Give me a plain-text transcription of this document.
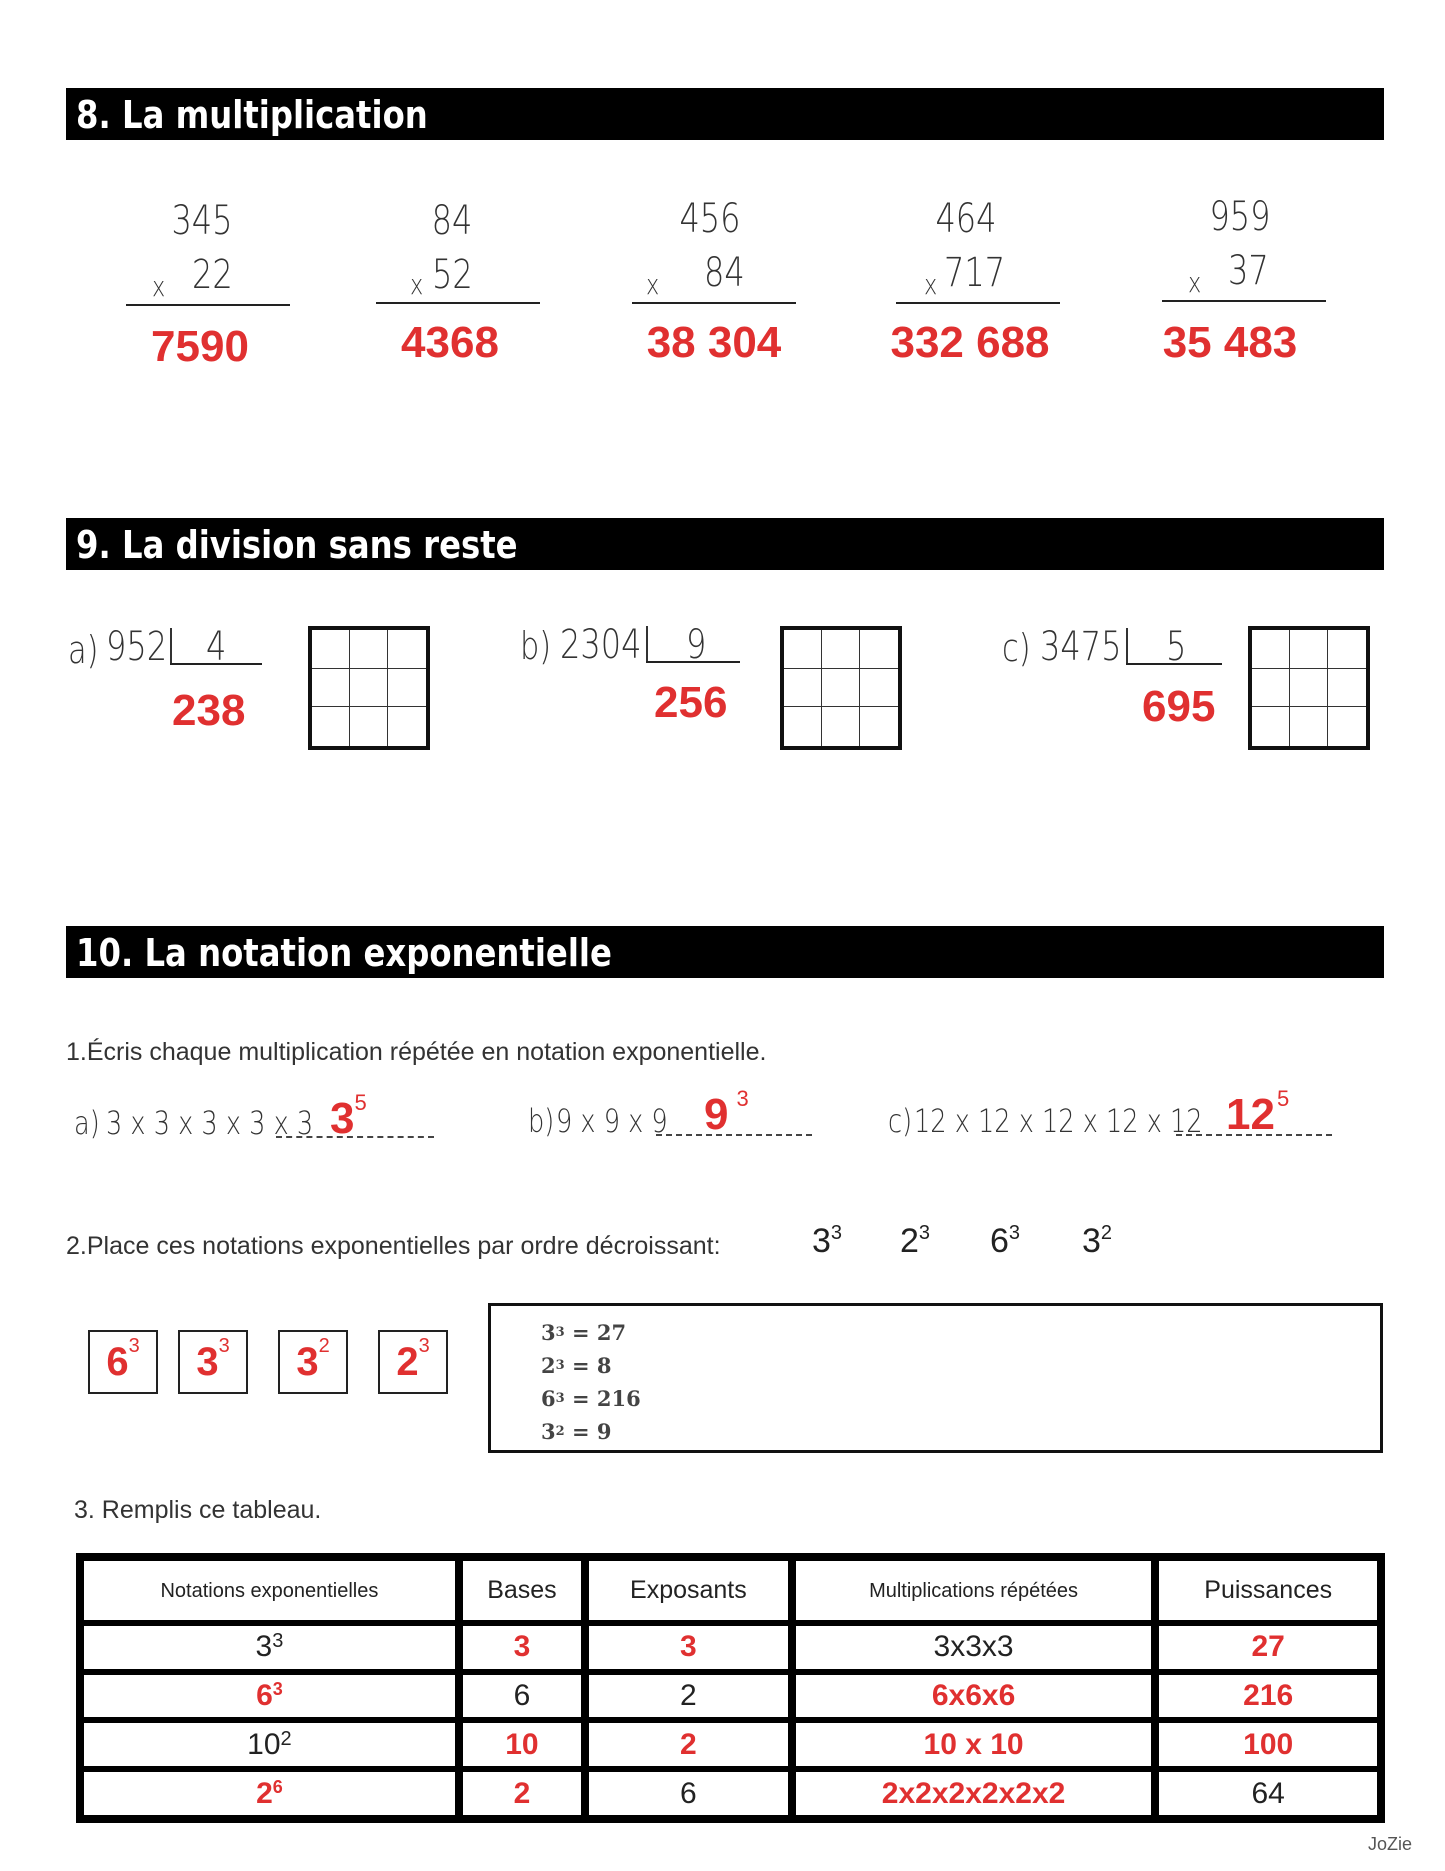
8. La multiplication
345
x 22
7590
84
x 52
4368
456
x 84
38 304
464
x 717
332 688
959
x 37
35 483
9. La division sans reste
a) 952 4
238
b) 2304 9
256
c) 3475 5
695
10. La notation exponentielle
1.Écris chaque multiplication répétée en notation exponentielle.
a) 3 x 3 x 3 x 3 x 3 $3^5$	b) 9 x 9 x 9 9 $^3$
c) 12 x 12 x 12 x 12 x 12 $12^5$
2.Place ces notations exponentielles par ordre décroissant:	$3^3$ $2^3$ $6^3$ $3^2$
$6^3$	$3^3$	$3^2$	$2^3$
$3^3 = 27$
$2^3 = 8$
$6^3 = 216$
$3^2 = 9$
3. Remplis ce tableau.
Notations exponentielles	Bases	Exposants	Multiplications répétées	Puissances
$3^3$	3	3	3x3x3	27
$6^3$	6	2	6x6x6	216
$10^2$	10	2	10 x 10	100
$2^6$	2	6	2x2x2x2x2x2	64
JoZie
